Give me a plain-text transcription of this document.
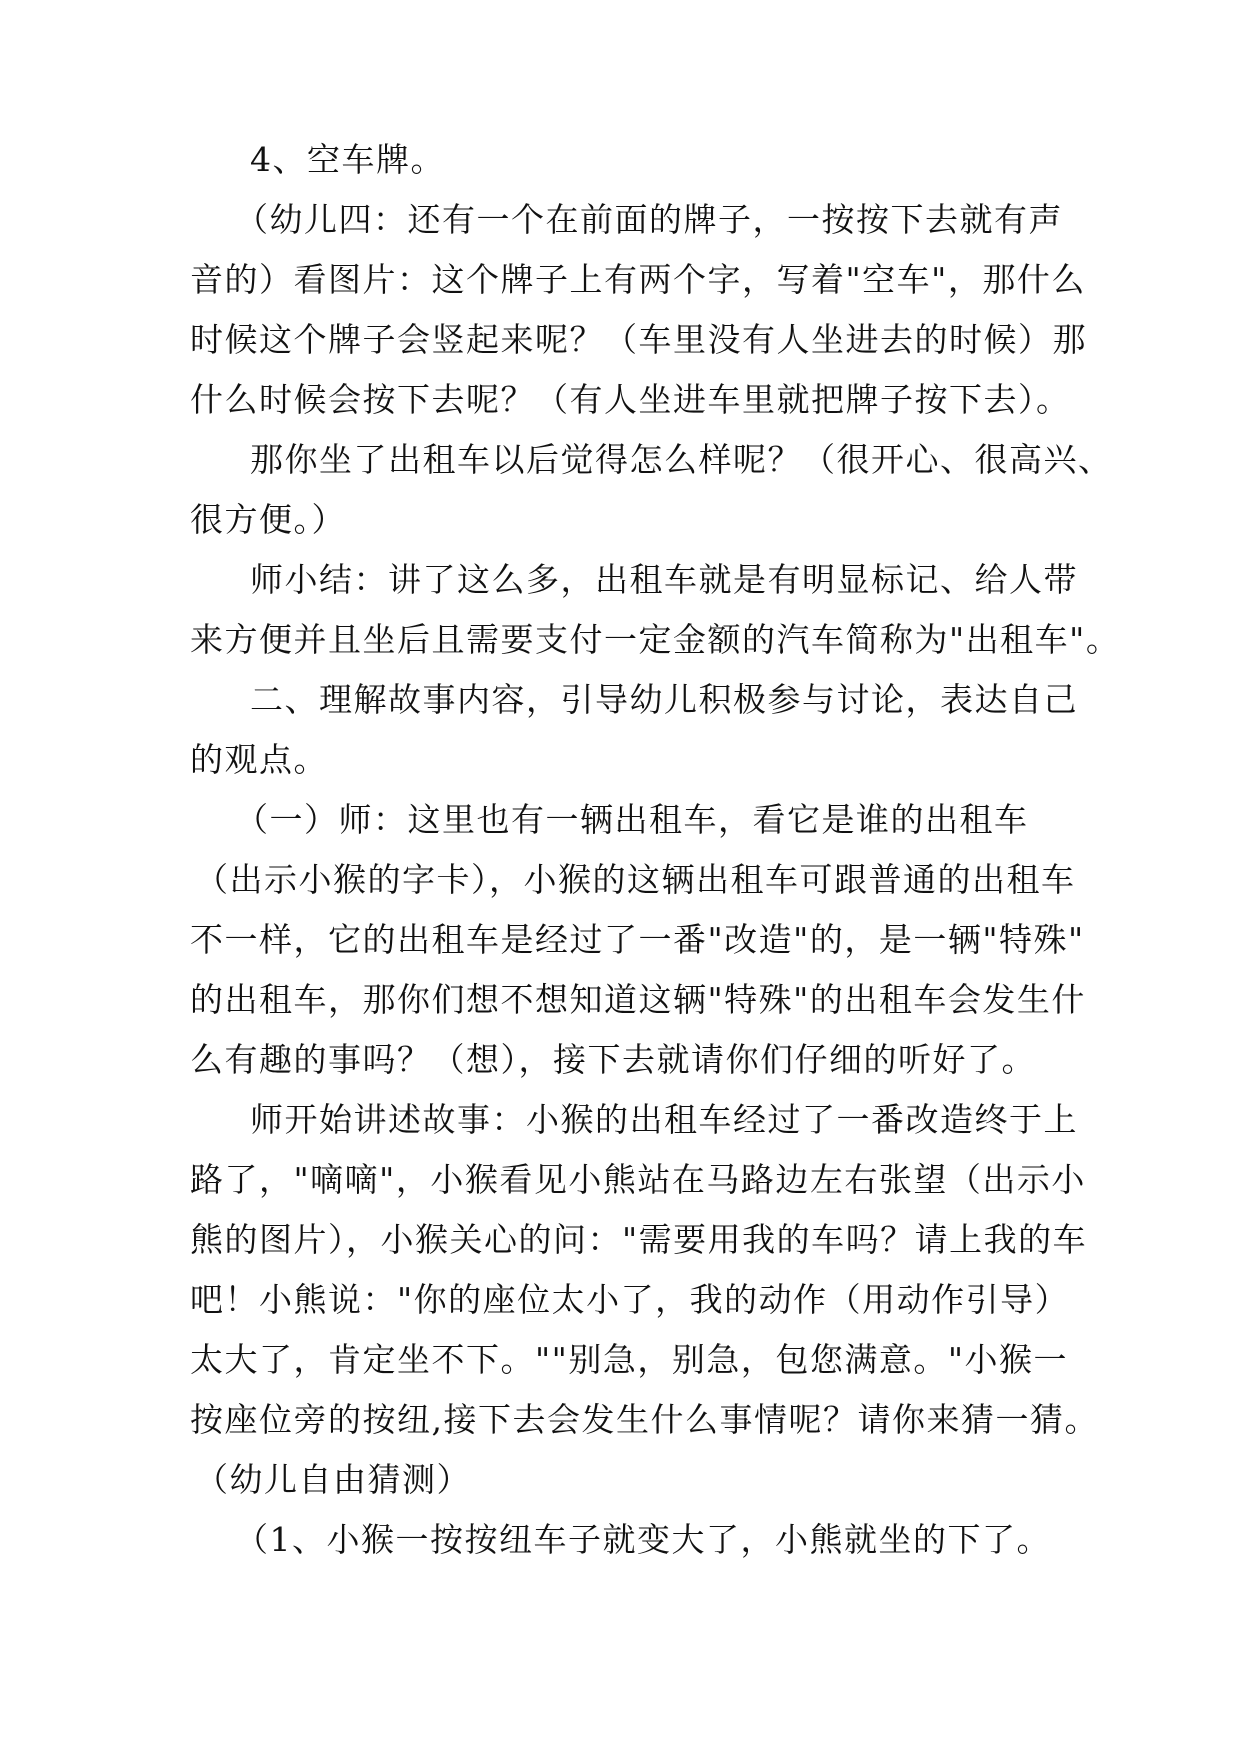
4、空车牌。
（幼儿四：还有一个在前面的牌子，一按按下去就有声
音的）看图片：这个牌子上有两个字，写着"空车"，那什么
时候这个牌子会竖起来呢？（车里没有人坐进去的时候）那
什么时候会按下去呢？（有人坐进车里就把牌子按下去）。
那你坐了出租车以后觉得怎么样呢？（很开心、很高兴、
很方便。）
师小结：讲了这么多，出租车就是有明显标记、给人带
来方便并且坐后且需要支付一定金额的汽车简称为"出租车"。
二、理解故事内容，引导幼儿积极参与讨论，表达自己
的观点。
（一）师：这里也有一辆出租车，看它是谁的出租车
（出示小猴的字卡），小猴的这辆出租车可跟普通的出租车
不一样，它的出租车是经过了一番"改造"的，是一辆"特殊"
的出租车，那你们想不想知道这辆"特殊"的出租车会发生什
么有趣的事吗？（想），接下去就请你们仔细的听好了。
师开始讲述故事：小猴的出租车经过了一番改造终于上
路了，"嘀嘀"，小猴看见小熊站在马路边左右张望（出示小
熊的图片），小猴关心的问："需要用我的车吗？请上我的车
吧！小熊说："你的座位太小了，我的动作（用动作引导）
太大了，肯定坐不下。""别急，别急，包您满意。"小猴一
按座位旁的按纽,接下去会发生什么事情呢？请你来猜一猜。
（幼儿自由猜测）
（1、小猴一按按纽车子就变大了，小熊就坐的下了。
